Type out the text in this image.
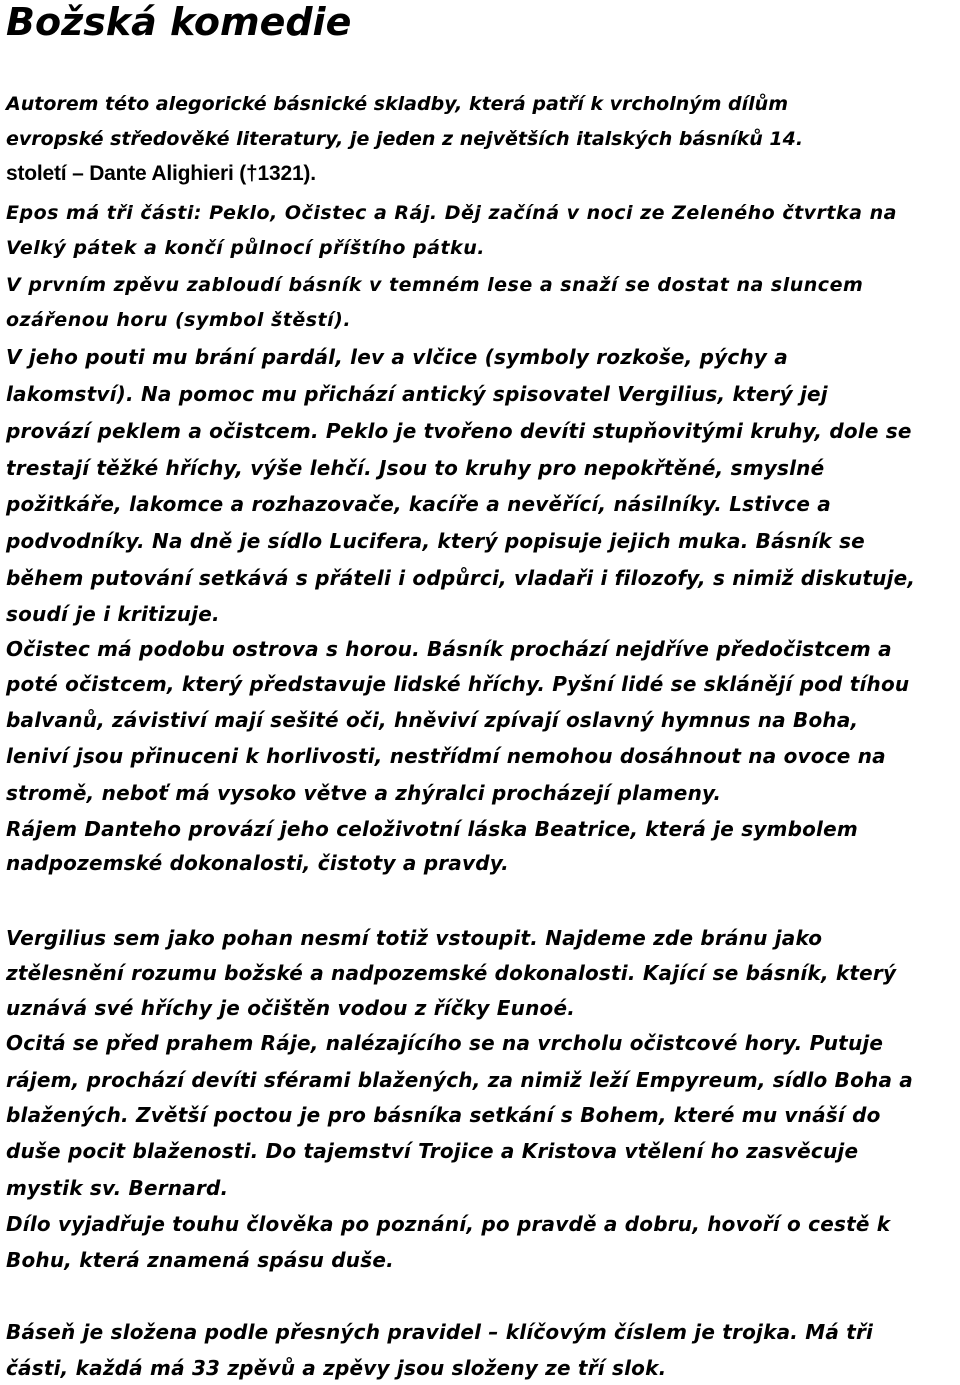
Božská komedie

Autorem této alegorické básnické skladby, která patří k vrcholným dílům

evropské středověké literatury, je jeden z největších italských básníků 14.

století – Dante Alighieri (†1321).

Epos má tři části: Peklo, Očistec a Ráj. Děj začíná v noci ze Zeleného čtvrtka na

Velký pátek a končí půlnocí příštího pátku.

V prvním zpěvu zabloudí básník v temném lese a snaží se dostat na sluncem

ozářenou horu (symbol štěstí).

V jeho pouti mu brání pardál, lev a vlčice (symboly rozkoše, pýchy a

lakomství). Na pomoc mu přichází antický spisovatel Vergilius, který jej

provází peklem a očistcem. Peklo je tvořeno devíti stupňovitými kruhy, dole se

trestají těžké hříchy, výše lehčí. Jsou to kruhy pro nepokřtěné, smyslné

požitkáře, lakomce a rozhazovače, kacíře a nevěřící, násilníky. Lstivce a

podvodníky. Na dně je sídlo Lucifera, který popisuje jejich muka. Básník se

během putování setkává s přáteli i odpůrci, vladaři i filozofy, s nimiž diskutuje,

soudí je i kritizuje.

Očistec má podobu ostrova s horou. Básník prochází nejdříve předočistcem a

poté očistcem, který představuje lidské hříchy. Pyšní lidé se sklánějí pod tíhou

balvanů, závistiví mají sešité oči, hněviví zpívají oslavný hymnus na Boha,

leniví jsou přinuceni k horlivosti, nestřídmí nemohou dosáhnout na ovoce na

stromě, neboť má vysoko větve a zhýralci procházejí plameny.

Rájem Danteho provází jeho celoživotní láska Beatrice, která je symbolem

nadpozemské dokonalosti, čistoty a pravdy.

Vergilius sem jako pohan nesmí totiž vstoupit. Najdeme zde bránu jako

ztělesnění rozumu božské a nadpozemské dokonalosti. Kající se básník, který

uznává své hříchy je očištěn vodou z říčky Eunoé.

Ocitá se před prahem Ráje, nalézajícího se na vrcholu očistcové hory. Putuje

rájem, prochází devíti sférami blažených, za nimiž leží Empyreum, sídlo Boha a

blažených. Zvětší poctou je pro básníka setkání s Bohem, které mu vnáší do

duše pocit blaženosti. Do tajemství Trojice a Kristova vtělení ho zasvěcuje

mystik sv. Bernard.

Dílo vyjadřuje touhu člověka po poznání, po pravdě a dobru, hovoří o cestě k

Bohu, která znamená spásu duše.

Báseň je složena podle přesných pravidel – klíčovým číslem je trojka. Má tři

části, každá má 33 zpěvů a zpěvy jsou složeny ze tří slok.
